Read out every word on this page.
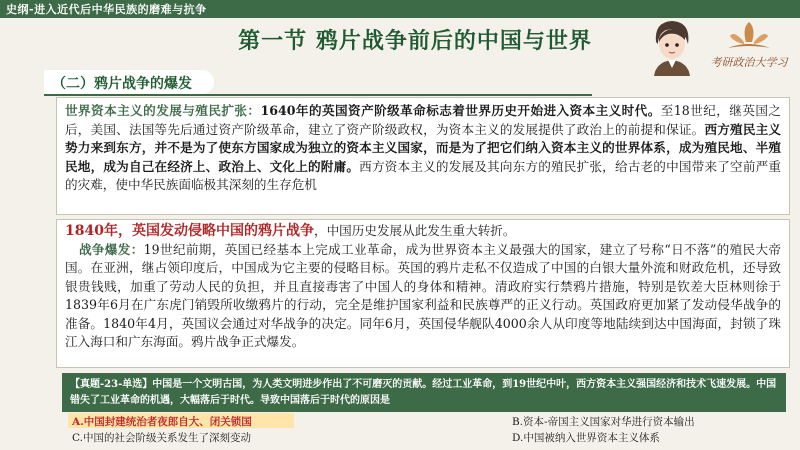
史纲-进入近代后中华民族的磨难与抗争
第一节 鸦片战争前后的中国与世界
考研政治大学习
（二）鸦片战争的爆发
世界资本主义的发展与殖民扩张：1640年的英国资产阶级革命标志着世界历史开始进入资本主义时代。至18世纪，继英国之后，美国、法国等先后通过资产阶级革命，建立了资产阶级政权，为资本主义的发展提供了政治上的前提和保证。西方殖民主义势力来到东方，并不是为了使东方国家成为独立的资本主义国家，而是为了把它们纳入资本主义的世界体系，成为殖民地、半殖民地，成为自己在经济上、政治上、文化上的附庸。西方资本主义的发展及其向东方的殖民扩张，给古老的中国带来了空前严重的灾难，使中华民族面临极其深刻的生存危机
1840年，英国发动侵略中国的鸦片战争，中国历史发展从此发生重大转折。
战争爆发：19世纪前期，英国已经基本上完成工业革命，成为世界资本主义最强大的国家，建立了号称“日不落”的殖民大帝国。在亚洲，继占领印度后，中国成为它主要的侵略目标。英国的鸦片走私不仅造成了中国的白银大量外流和财政危机，还导致银贵钱贱，加重了劳动人民的负担，并且直接毒害了中国人的身体和精神。清政府实行禁鸦片措施，特别是钦差大臣林则徐于1839年6月在广东虎门销毁所收缴鸦片的行动，完全是维护国家利益和民族尊严的正义行动。英国政府更加紧了发动侵华战争的准备。1840年4月，英国议会通过对华战争的决定。同年6月，英国侵华舰队4000余人从印度等地陆续到达中国海面，封锁了珠江入海口和广东海面。鸦片战争正式爆发。
【真题-23-单选】中国是一个文明古国，为人类文明进步作出了不可磨灭的贡献。经过工业革命，到19世纪中叶，西方资本主义强国经济和技术飞速发展。中国错失了工业革命的机遇，大幅落后于时代。导致中国落后于时代的原因是
A.中国封建统治者夜郎自大、闭关锁国	B.资本-帝国主义国家对华进行资本输出
C.中国的社会阶级关系发生了深刻变动	D.中国被纳入世界资本主义体系
